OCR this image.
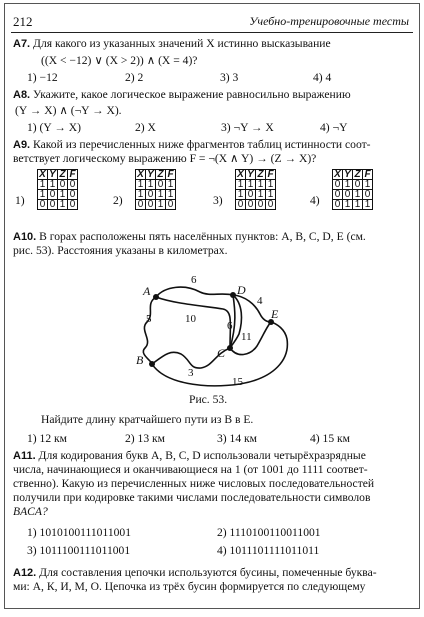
212	Учебно-тренировочные тесты
А7. Для какого из указанных значений X истинно высказывание
((X < −12) ∨ (X > 2)) ∧ (X = 4)?
1) −12	2) 2	3) 3	4) 4
А8. Укажите, какое логическое выражение равносильно выражению
(Y → X) ∧ (¬Y → X).
1) (Y → X)	2) X	3) ¬Y → X	4) ¬Y
А9. Какой из перечисленных ниже фрагментов таблиц истинности соот-
ветствует логическому выражению F = ¬(X ∧ Y) → (Z → X)?
1)
X	Y	Z	F
1	1	0	0
1	0	1	0
0	0	1	0	2)
X	Y	Z	F
1	1	0	1
1	0	1	1
0	0	1	0	3)
X	Y	Z	F
1	1	1	1
1	0	1	1
0	0	0	0	4)
X	Y	Z	F
0	1	0	1
0	0	1	0
0	1	1	1
А10. В горах расположены пять населённых пунктов: A, B, C, D, E (см.
рис. 53). Расстояния указаны в километрах.
A
B	C
D
E
6
4
5	10
6
11
3
15
Рис. 53.
Найдите длину кратчайшего пути из B в E.
1) 12 км	2) 13 км	3) 14 км	4) 15 км
А11. Для кодирования букв A, B, C, D использовали четырёхразрядные
числа, начинающиеся и оканчивающиеся на 1 (от 1001 до 1111 соответ-
ственно). Какую из перечисленных ниже числовых последовательностей
получили при кодировке такими числами последовательности символов
BACA?
1) 1010100111011001	2) 1110100110011001
3) 1011100111011001	4) 1011101111011011
А12. Для составления цепочки используются бусины, помеченные буква-
ми: А, К, И, М, О. Цепочка из трёх бусин формируется по следующему
